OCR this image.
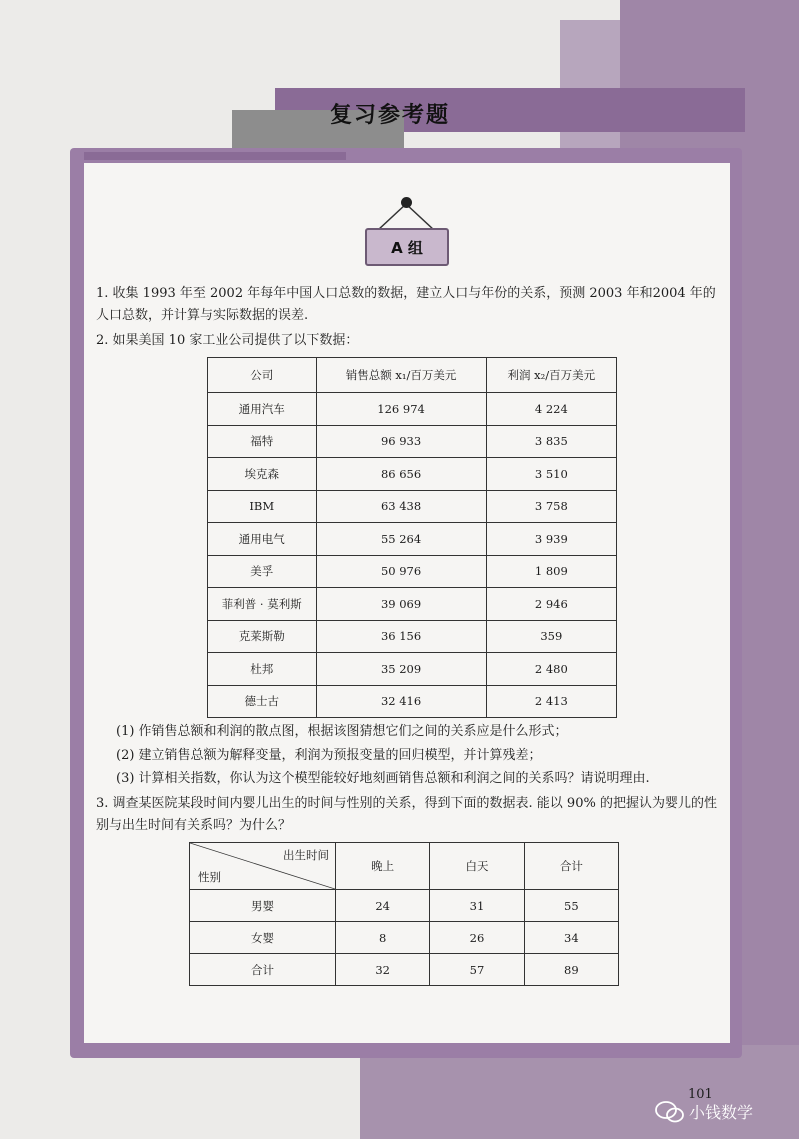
复习参考题
A 组
1. 收集 1993 年至 2002 年每年中国人口总数的数据，建立人口与年份的关系，预测 2003 年和2004 年的人口总数，并计算与实际数据的误差.
2. 如果美国 10 家工业公司提供了以下数据：
公司	销售总额 x₁/百万美元	利润 x₂/百万美元
通用汽车	126 974	4 224
福特	96 933	3 835
埃克森	86 656	3 510
IBM	63 438	3 758
通用电气	55 264	3 939
美孚	50 976	1 809
菲利普 · 莫利斯	39 069	2 946
克莱斯勒	36 156	359
杜邦	35 209	2 480
德士古	32 416	2 413
(1) 作销售总额和利润的散点图，根据该图猜想它们之间的关系应是什么形式；
(2) 建立销售总额为解释变量，利润为预报变量的回归模型，并计算残差；
(3) 计算相关指数，你认为这个模型能较好地刻画销售总额和利润之间的关系吗？请说明理由.
3. 调查某医院某段时间内婴儿出生的时间与性别的关系，得到下面的数据表. 能以 90% 的把握认为婴儿的性别与出生时间有关系吗？为什么？
出生时间
性别	晚上	白天	合计
男婴	24	31	55
女婴	8	26	34
合计	32	57	89
101
小钱数学
